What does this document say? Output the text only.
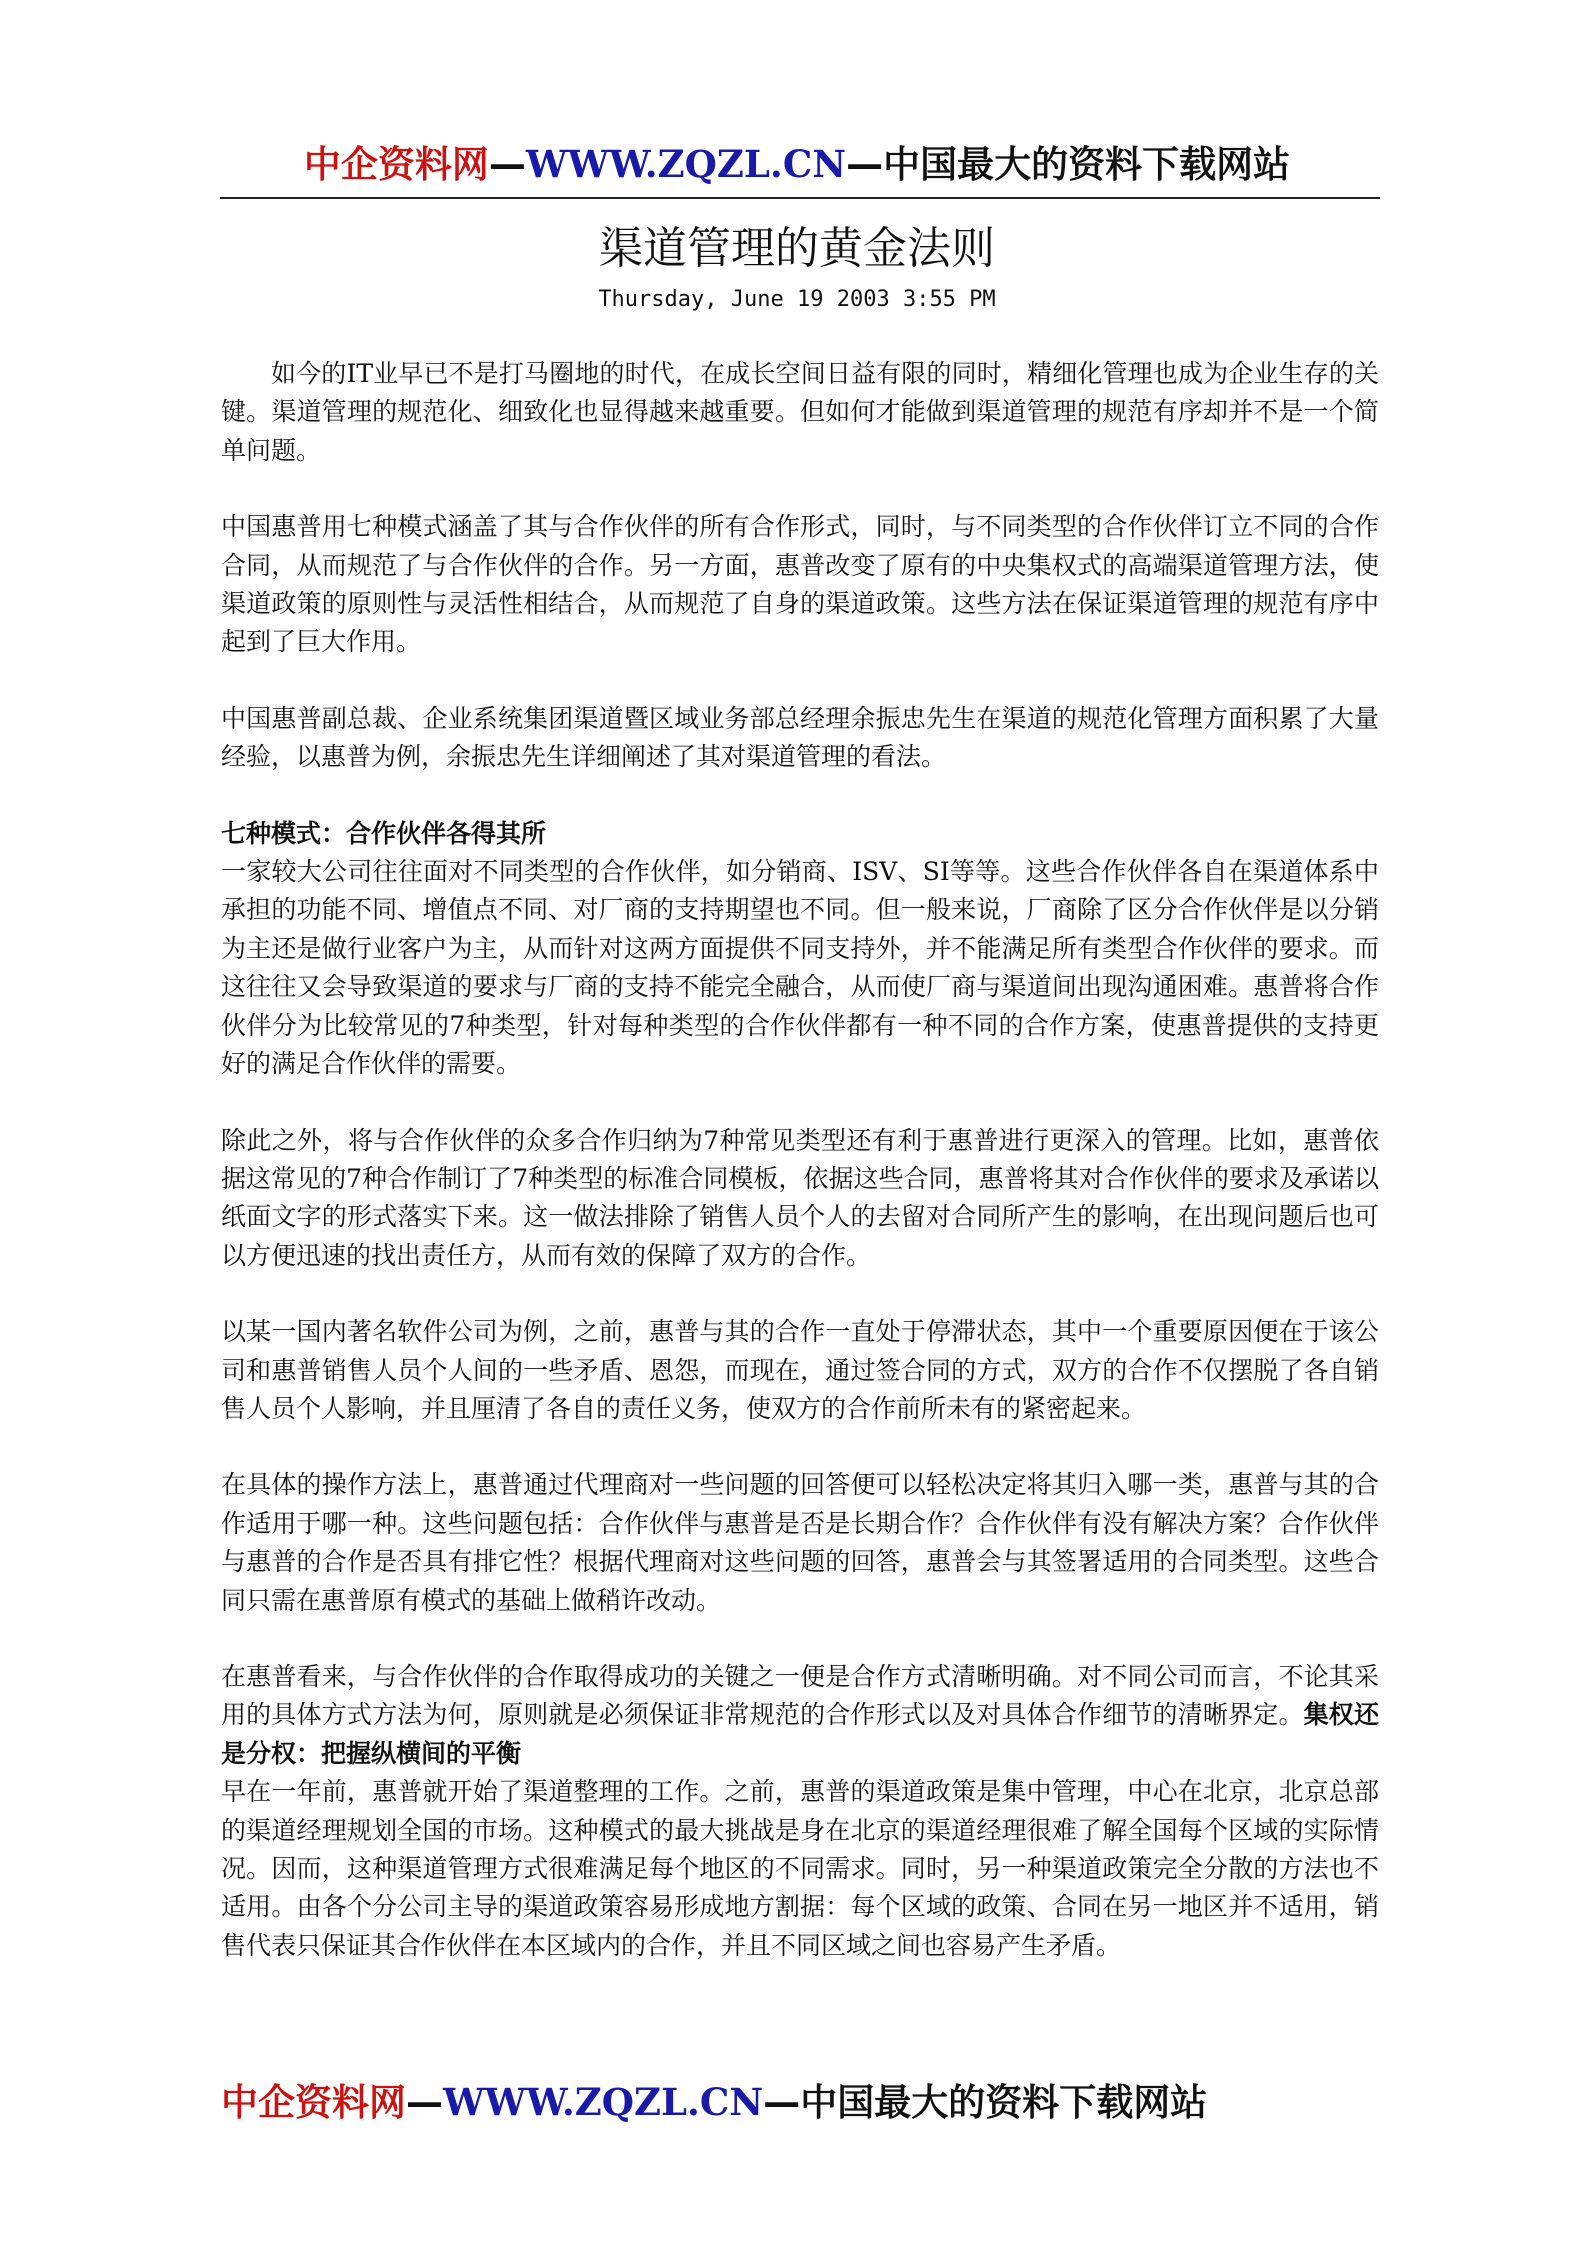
中企资料网—WWW.ZQZL.CN—中国最大的资料下载网站
渠道管理的黄金法则
Thursday, June 19 2003 3:55 PM

如今的IT业早已不是打马圈地的时代，在成长空间日益有限的同时，精细化管理也成为企业生存的关键。渠道管理的规范化、细致化也显得越来越重要。但如何才能做到渠道管理的规范有序却并不是一个简单问题。

中国惠普用七种模式涵盖了其与合作伙伴的所有合作形式，同时，与不同类型的合作伙伴订立不同的合作合同，从而规范了与合作伙伴的合作。另一方面，惠普改变了原有的中央集权式的高端渠道管理方法，使渠道政策的原则性与灵活性相结合，从而规范了自身的渠道政策。这些方法在保证渠道管理的规范有序中起到了巨大作用。

中国惠普副总裁、企业系统集团渠道暨区域业务部总经理余振忠先生在渠道的规范化管理方面积累了大量经验，以惠普为例，余振忠先生详细阐述了其对渠道管理的看法。

七种模式：合作伙伴各得其所

一家较大公司往往面对不同类型的合作伙伴，如分销商、ISV、SI等等。这些合作伙伴各自在渠道体系中承担的功能不同、增值点不同、对厂商的支持期望也不同。但一般来说，厂商除了区分合作伙伴是以分销为主还是做行业客户为主，从而针对这两方面提供不同支持外，并不能满足所有类型合作伙伴的要求。而这往往又会导致渠道的要求与厂商的支持不能完全融合，从而使厂商与渠道间出现沟通困难。惠普将合作伙伴分为比较常见的7种类型，针对每种类型的合作伙伴都有一种不同的合作方案，使惠普提供的支持更好的满足合作伙伴的需要。

除此之外，将与合作伙伴的众多合作归纳为7种常见类型还有利于惠普进行更深入的管理。比如，惠普依据这常见的7种合作制订了7种类型的标准合同模板，依据这些合同，惠普将其对合作伙伴的要求及承诺以纸面文字的形式落实下来。这一做法排除了销售人员个人的去留对合同所产生的影响，在出现问题后也可以方便迅速的找出责任方，从而有效的保障了双方的合作。

以某一国内著名软件公司为例，之前，惠普与其的合作一直处于停滞状态，其中一个重要原因便在于该公司和惠普销售人员个人间的一些矛盾、恩怨，而现在，通过签合同的方式，双方的合作不仅摆脱了各自销售人员个人影响，并且厘清了各自的责任义务，使双方的合作前所未有的紧密起来。

在具体的操作方法上，惠普通过代理商对一些问题的回答便可以轻松决定将其归入哪一类，惠普与其的合作适用于哪一种。这些问题包括：合作伙伴与惠普是否是长期合作？合作伙伴有没有解决方案？合作伙伴与惠普的合作是否具有排它性？根据代理商对这些问题的回答，惠普会与其签署适用的合同类型。这些合同只需在惠普原有模式的基础上做稍许改动。

在惠普看来，与合作伙伴的合作取得成功的关键之一便是合作方式清晰明确。对不同公司而言，不论其采用的具体方式方法为何，原则就是必须保证非常规范的合作形式以及对具体合作细节的清晰界定。集权还是分权：把握纵横间的平衡

早在一年前，惠普就开始了渠道整理的工作。之前，惠普的渠道政策是集中管理，中心在北京，北京总部的渠道经理规划全国的市场。这种模式的最大挑战是身在北京的渠道经理很难了解全国每个区域的实际情况。因而，这种渠道管理方式很难满足每个地区的不同需求。同时，另一种渠道政策完全分散的方法也不适用。由各个分公司主导的渠道政策容易形成地方割据：每个区域的政策、合同在另一地区并不适用，销售代表只保证其合作伙伴在本区域内的合作，并且不同区域之间也容易产生矛盾。

中企资料网—WWW.ZQZL.CN—中国最大的资料下载网站
